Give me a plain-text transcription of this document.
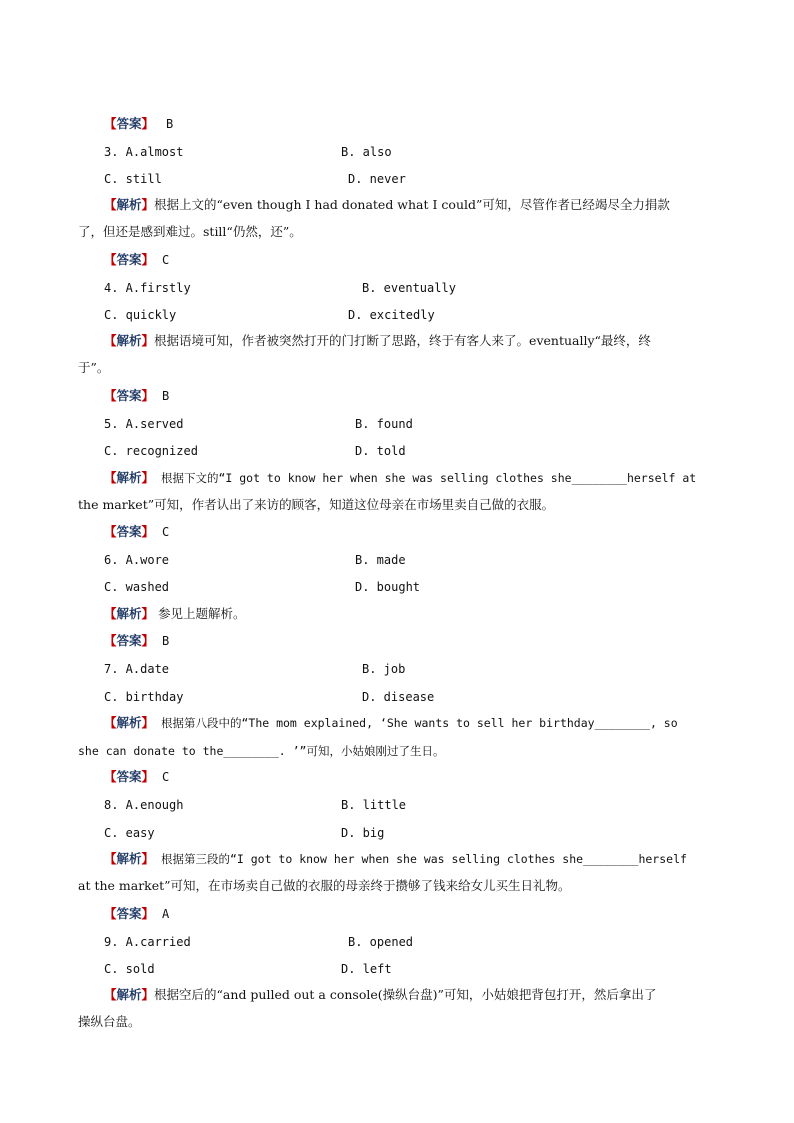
【答案】 B
3. A.almost	B. also
C. still	D. never
【解析】根据上文的“even though I had donated what I could”可知，尽管作者已经竭尽全力捐款
了，但还是感到难过。still“仍然，还”。
【答案】 C
4. A.firstly	B. eventually
C. quickly	D. excitedly
【解析】根据语境可知，作者被突然打开的门打断了思路，终于有客人来了。eventually“最终，终
于”。
【答案】 B
5. A.served	B. found
C. recognized	D. told
【解析】 根据下文的“I got to know her when she was selling clothes she________herself at
the market”可知，作者认出了来访的顾客，知道这位母亲在市场里卖自己做的衣服。
【答案】 C
6. A.wore	B. made
C. washed	D. bought
【解析】 参见上题解析。
【答案】 B
7. A.date	B. job
C. birthday	D. disease
【解析】 根据第八段中的“The mom explained, ‘She wants to sell her birthday________, so
she can donate to the________. ’”可知，小姑娘刚过了生日。
【答案】 C
8. A.enough	B. little
C. easy	D. big
【解析】 根据第三段的“I got to know her when she was selling clothes she________herself
at the market”可知，在市场卖自己做的衣服的母亲终于攒够了钱来给女儿买生日礼物。
【答案】 A
9. A.carried	B. opened
C. sold	D. left
【解析】根据空后的“and pulled out a console(操纵台盘)”可知，小姑娘把背包打开，然后拿出了
操纵台盘。
